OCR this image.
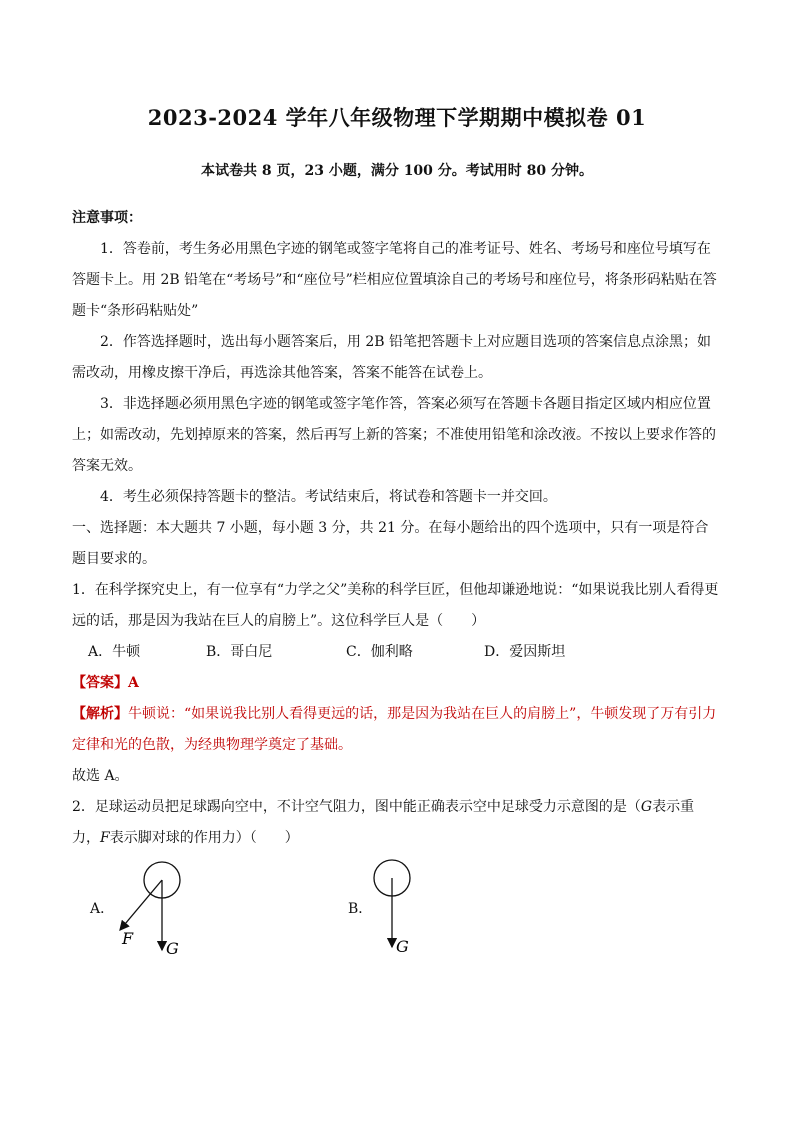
2023-2024 学年八年级物理下学期期中模拟卷 01
本试卷共 8 页，23 小题，满分 100 分。考试用时 80 分钟。

注意事项：

1．答卷前，考生务必用黑色字迹的钢笔或签字笔将自己的准考证号、姓名、考场号和座位号填写在答题卡上。用 2B 铅笔在“考场号”和“座位号”栏相应位置填涂自己的考场号和座位号，将条形码粘贴在答题卡“条形码粘贴处”

2．作答选择题时，选出每小题答案后，用 2B 铅笔把答题卡上对应题目选项的答案信息点涂黑；如需改动，用橡皮擦干净后，再选涂其他答案，答案不能答在试卷上。

3．非选择题必须用黑色字迹的钢笔或签字笔作答，答案必须写在答题卡各题目指定区域内相应位置上；如需改动，先划掉原来的答案，然后再写上新的答案；不准使用铅笔和涂改液。不按以上要求作答的答案无效。

4．考生必须保持答题卡的整洁。考试结束后，将试卷和答题卡一并交回。

一、选择题：本大题共 7 小题，每小题 3 分，共 21 分。在每小题给出的四个选项中，只有一项是符合题目要求的。

1．在科学探究史上，有一位享有“力学之父”美称的科学巨匠，但他却谦逊地说：“如果说我比别人看得更远的话，那是因为我站在巨人的肩膀上”。这位科学巨人是（　　）

A．牛顿	B．哥白尼	C．伽利略	D．爱因斯坦

【答案】A

【解析】牛顿说：“如果说我比别人看得更远的话，那是因为我站在巨人的肩膀上”，牛顿发现了万有引力定律和光的色散，为经典物理学奠定了基础。

故选 A。

2．足球运动员把足球踢向空中，不计空气阻力，图中能正确表示空中足球受力示意图的是（G表示重力，F表示脚对球的作用力）（　　）

A．
F
G
B．
G
